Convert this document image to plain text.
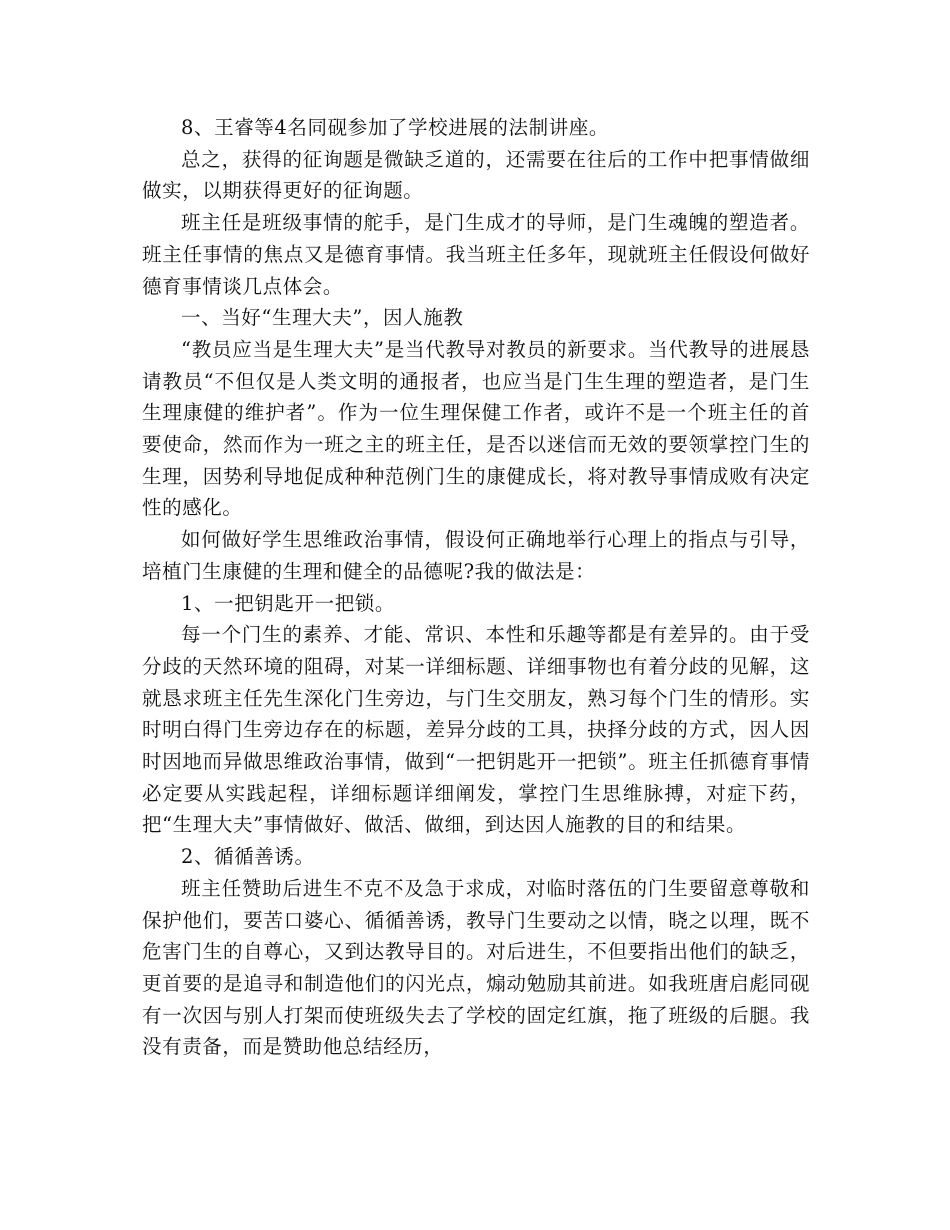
8、王睿等4名同砚参加了学校进展的法制讲座。

总之，获得的征询题是微缺乏道的，还需要在往后的工作中把事情做细做实，以期获得更好的征询题。

班主任是班级事情的舵手，是门生成才的导师，是门生魂魄的塑造者。班主任事情的焦点又是德育事情。我当班主任多年，现就班主任假设何做好德育事情谈几点体会。

一、当好“生理大夫”，因人施教

“教员应当是生理大夫”是当代教导对教员的新要求。当代教导的进展恳请教员“不但仅是人类文明的通报者，也应当是门生生理的塑造者，是门生生理康健的维护者”。作为一位生理保健工作者，或许不是一个班主任的首要使命，然而作为一班之主的班主任，是否以迷信而无效的要领掌控门生的生理，因势利导地促成种种范例门生的康健成长，将对教导事情成败有决定性的感化。

如何做好学生思维政治事情，假设何正确地举行心理上的指点与引导，培植门生康健的生理和健全的品德呢?我的做法是：

1、一把钥匙开一把锁。

每一个门生的素养、才能、常识、本性和乐趣等都是有差异的。由于受分歧的天然环境的阻碍，对某一详细标题、详细事物也有着分歧的见解，这就恳求班主任先生深化门生旁边，与门生交朋友，熟习每个门生的情形。实时明白得门生旁边存在的标题，差异分歧的工具，抉择分歧的方式，因人因时因地而异做思维政治事情，做到“一把钥匙开一把锁”。班主任抓德育事情必定要从实践起程，详细标题详细阐发，掌控门生思维脉搏，对症下药，把“生理大夫”事情做好、做活、做细，到达因人施教的目的和结果。

2、循循善诱。

班主任赞助后进生不克不及急于求成，对临时落伍的门生要留意尊敬和保护他们，要苦口婆心、循循善诱，教导门生要动之以情，晓之以理，既不危害门生的自尊心，又到达教导目的。对后进生，不但要指出他们的缺乏，更首要的是追寻和制造他们的闪光点，煽动勉励其前进。如我班唐启彪同砚有一次因与别人打架而使班级失去了学校的固定红旗，拖了班级的后腿。我没有责备，而是赞助他总结经历，
